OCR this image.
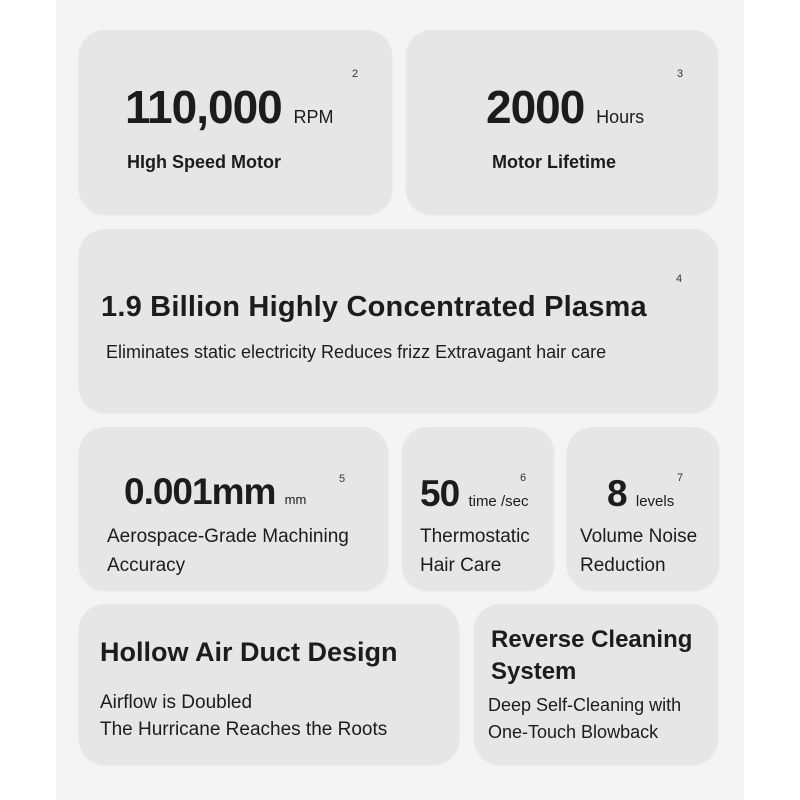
110,000 RPM
2
HIgh Speed Motor
2000 Hours
3
Motor Lifetime
4
1.9 Billion Highly Concentrated Plasma
Eliminates static electricity Reduces frizz Extravagant hair care
0.001mm mm
5
Aerospace-Grade Machining
Accuracy
50 time /sec
6
Thermostatic
Hair Care
8 levels
7
Volume Noise
Reduction
Hollow Air Duct Design
Airflow is Doubled
The Hurricane Reaches the Roots
Reverse Cleaning
System
Deep Self-Cleaning with
One-Touch Blowback
